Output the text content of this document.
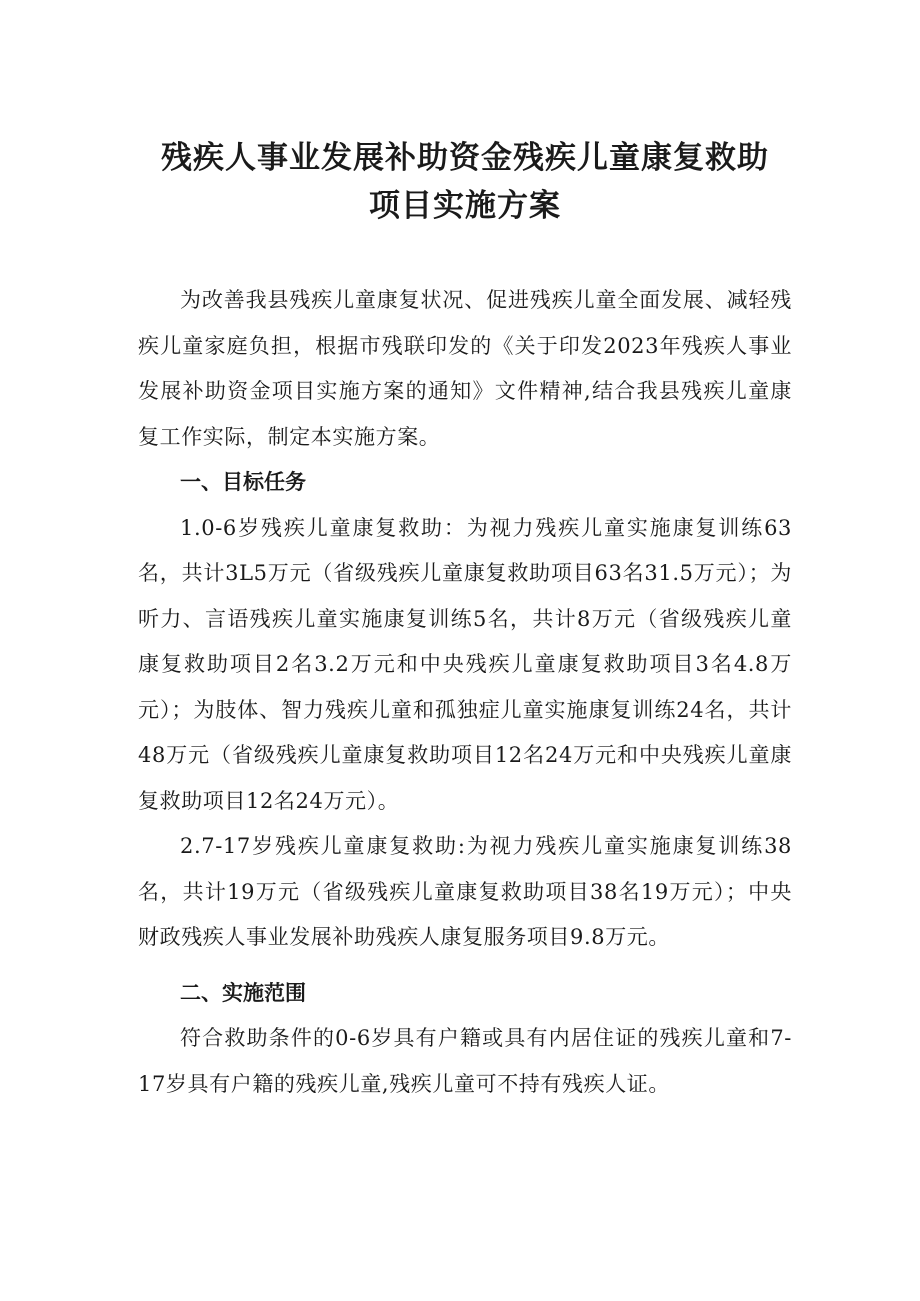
残疾人事业发展补助资金残疾儿童康复救助
项目实施方案

为改善我县残疾儿童康复状况、促进残疾儿童全面发展、减轻残疾儿童家庭负担，根据市残联印发的《关于印发2023年残疾人事业发展补助资金项目实施方案的通知》文件精神,结合我县残疾儿童康复工作实际，制定本实施方案。

一、目标任务

1.0-6岁残疾儿童康复救助：为视力残疾儿童实施康复训练63名，共计3L5万元（省级残疾儿童康复救助项目63名31.5万元）；为听力、言语残疾儿童实施康复训练5名，共计8万元（省级残疾儿童康复救助项目2名3.2万元和中央残疾儿童康复救助项目3名4.8万元）；为肢体、智力残疾儿童和孤独症儿童实施康复训练24名，共计48万元（省级残疾儿童康复救助项目12名24万元和中央残疾儿童康复救助项目12名24万元）。

2.7-17岁残疾儿童康复救助:为视力残疾儿童实施康复训练38名，共计19万元（省级残疾儿童康复救助项目38名19万元）；中央财政残疾人事业发展补助残疾人康复服务项目9.8万元。

二、实施范围

符合救助条件的0-6岁具有户籍或具有内居住证的残疾儿童和7-17岁具有户籍的残疾儿童,残疾儿童可不持有残疾人证。
